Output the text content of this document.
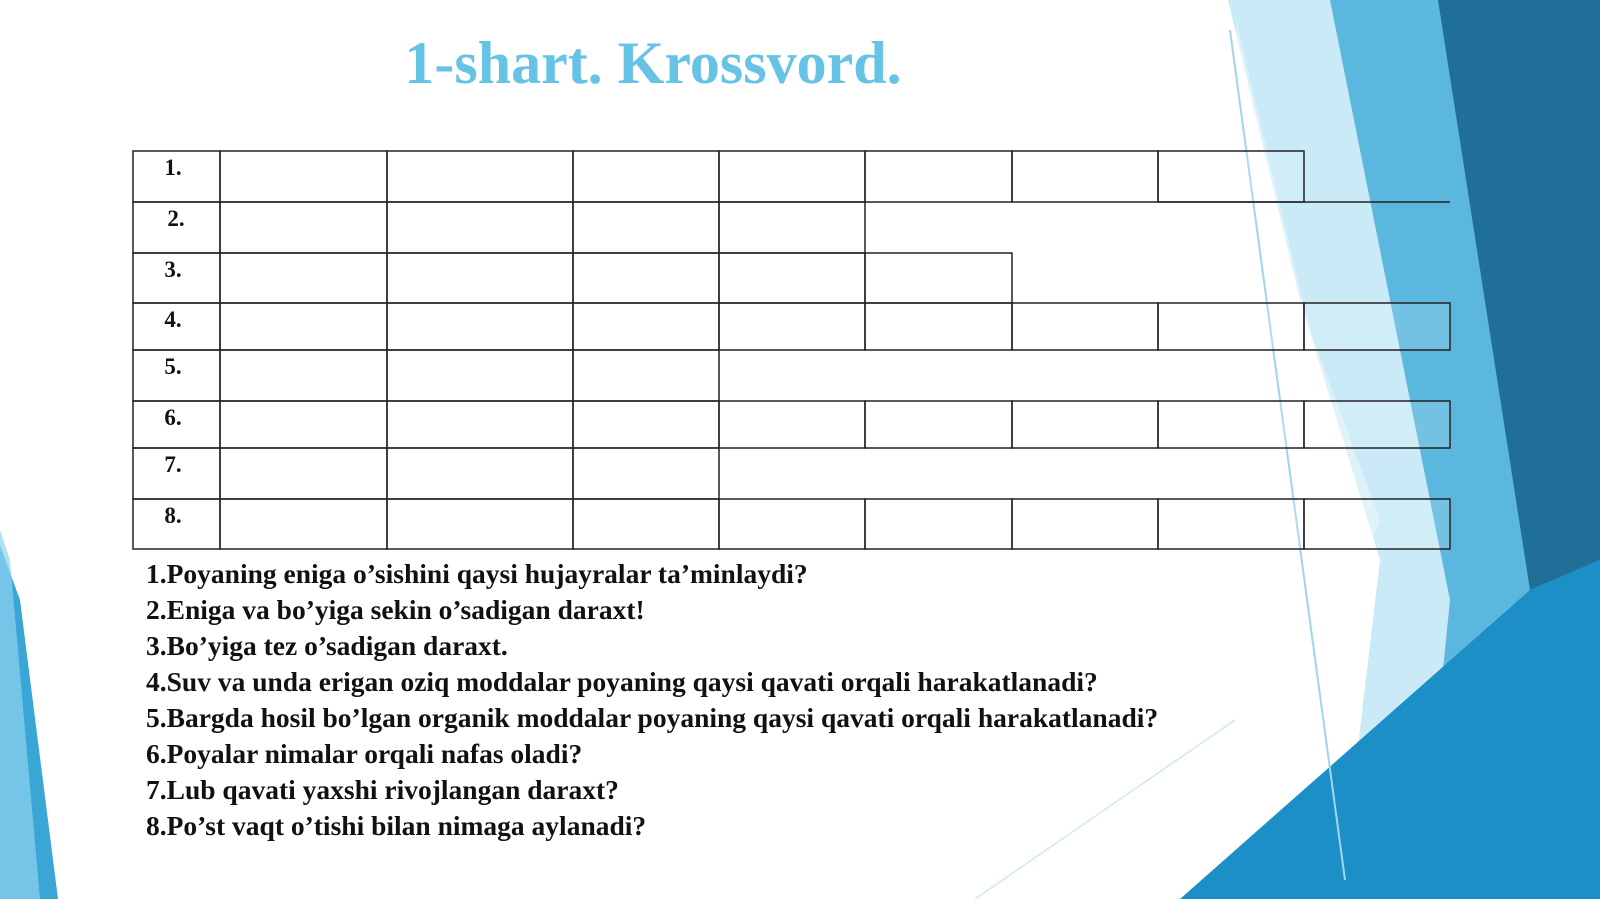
1-shart. Krossvord.
1.
2.
3.
4.
5.
6.
7.
8.
1.Poyaning eniga o’sishini qaysi hujayralar ta’minlaydi?
2.Eniga va bo’yiga sekin o’sadigan daraxt!
3.Bo’yiga tez o’sadigan daraxt.
4.Suv va unda erigan oziq moddalar poyaning qaysi qavati orqali harakatlanadi?
5.Bargda hosil bo’lgan organik moddalar poyaning qaysi qavati orqali harakatlanadi?
6.Poyalar nimalar orqali nafas oladi?
7.Lub qavati yaxshi rivojlangan daraxt?
8.Po’st vaqt o’tishi bilan nimaga aylanadi?
